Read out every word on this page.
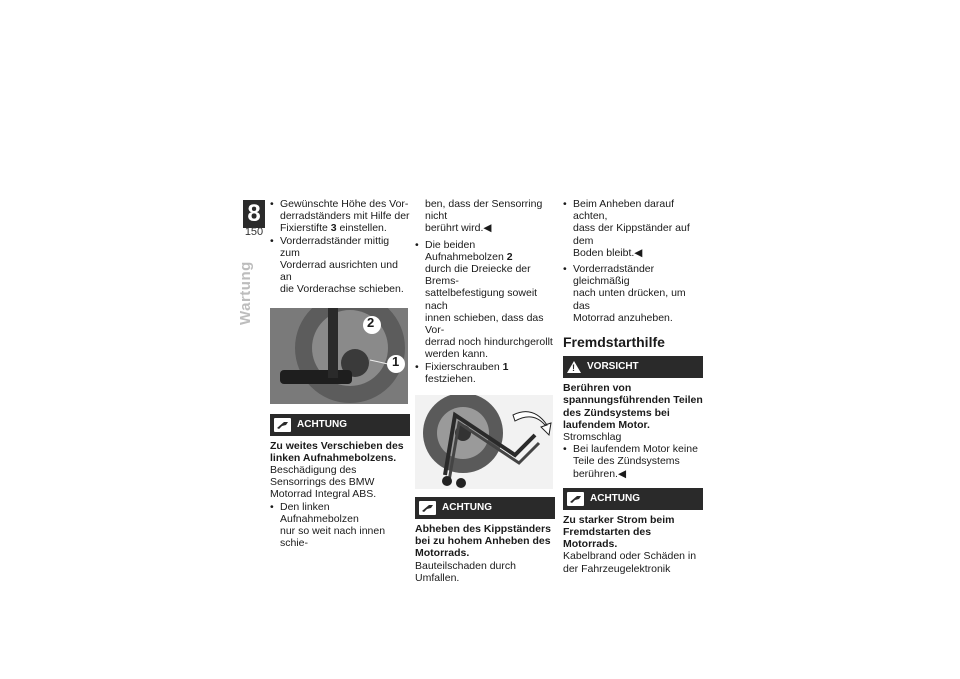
8
150
Wartung
• Gewünschte Höhe des Vor-
derradständers mit Hilfe der
Fixierstifte 3 einstellen.
• Vorderradständer mittig zum
Vorderrad ausrichten und an
die Vorderachse schieben.
2
1
ACHTUNG

Zu weites Verschieben des linken Aufnahmebolzens.

Beschädigung des Sensorrings des BMW Motorrad Integral ABS.

• Den linken Aufnahmebolzen
nur so weit nach innen schie-
ben, dass der Sensorring nicht
berührt wird.◀
• Die beiden Aufnahmebolzen 2
durch die Dreiecke der Brems-
sattelbefestigung soweit nach
innen schieben, dass das Vor-
derrad noch hindurchgerollt
werden kann.
• Fixierschrauben 1 festziehen.
ACHTUNG

Abheben des Kippständers bei zu hohem Anheben des Motorrads.

Bauteilschaden durch Umfallen.

• Beim Anheben darauf achten,
dass der Kippständer auf dem
Boden bleibt.◀
• Vorderradständer gleichmäßig
nach unten drücken, um das
Motorrad anzuheben.
Fremdstarthilfe
!
VORSICHT

Berühren von spannungsführenden Teilen des Zündsystems bei laufendem Motor.

Stromschlag

• Bei laufendem Motor keine
Teile des Zündsystems
berühren.◀
ACHTUNG

Zu starker Strom beim Fremdstarten des Motorrads.

Kabelbrand oder Schäden in der Fahrzeugelektronik
